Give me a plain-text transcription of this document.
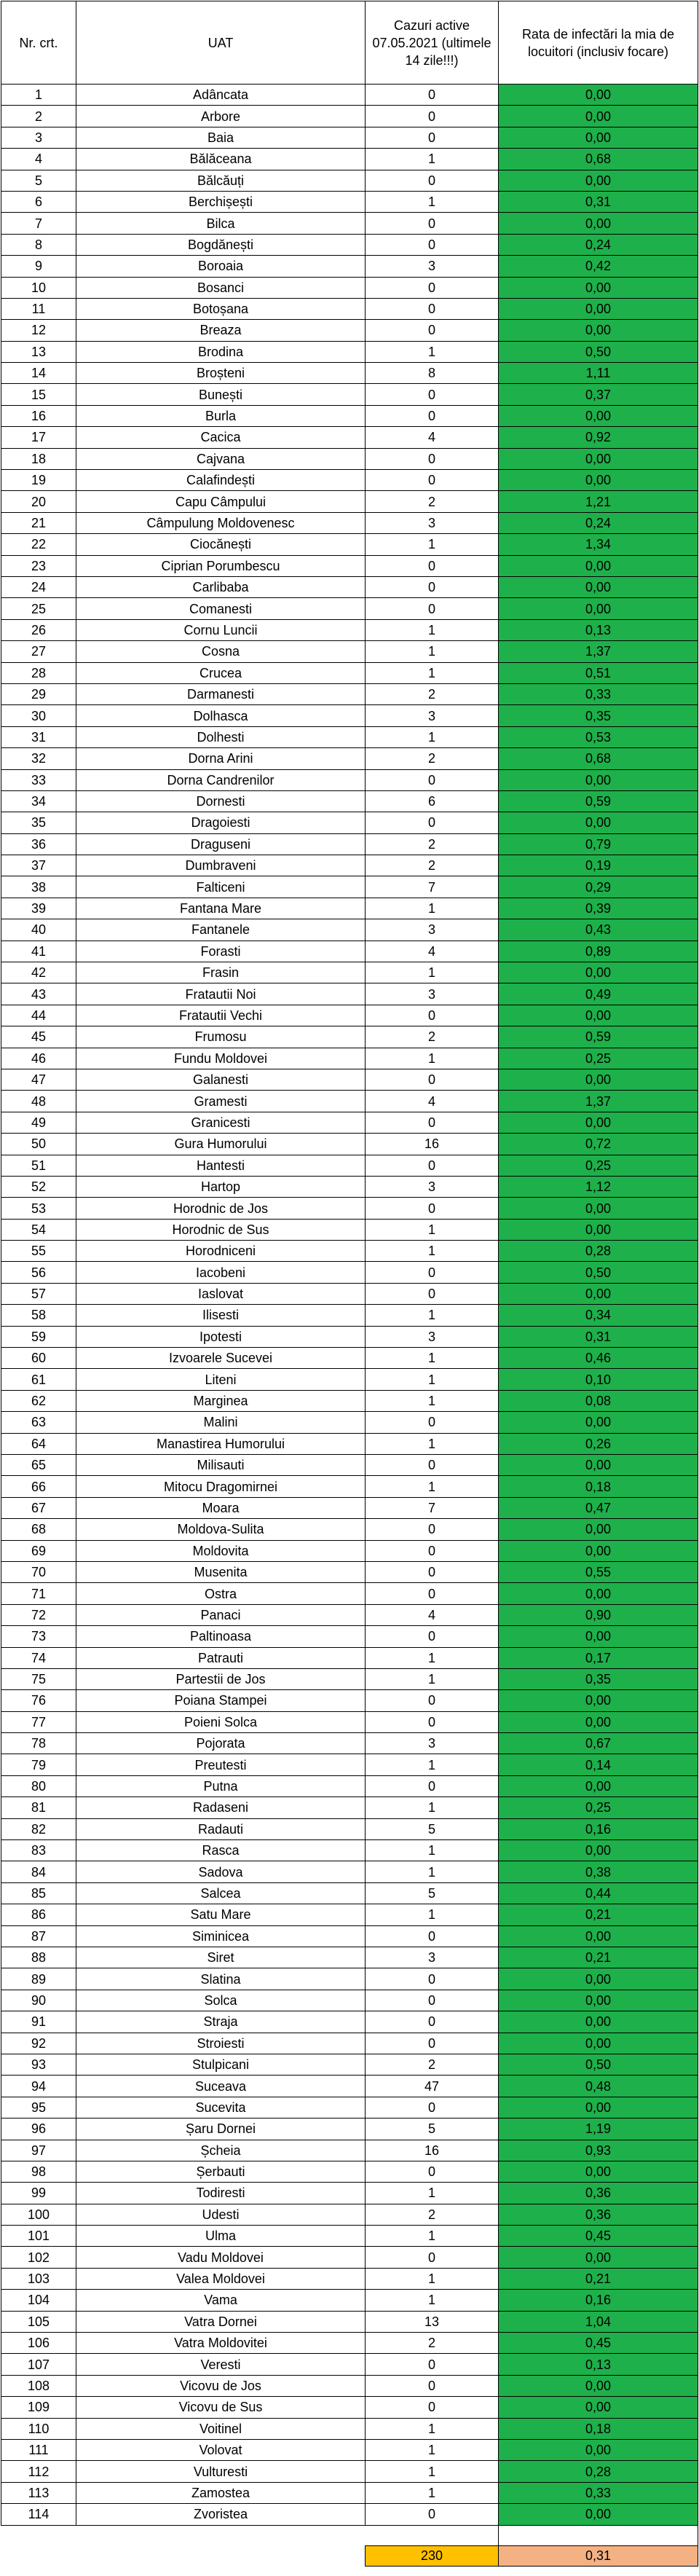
Nr. crt.	UAT	Cazuri active 07.05.2021 (ultimele 14 zile!!!)	Rata de infectări la mia de locuitori (inclusiv focare)
1	Adâncata	0	0,00
2	Arbore	0	0,00
3	Baia	0	0,00
4	Bălăceana	1	0,68
5	Bălcăuți	0	0,00
6	Berchișești	1	0,31
7	Bilca	0	0,00
8	Bogdănești	0	0,24
9	Boroaia	3	0,42
10	Bosanci	0	0,00
11	Botoșana	0	0,00
12	Breaza	0	0,00
13	Brodina	1	0,50
14	Broșteni	8	1,11
15	Bunești	0	0,37
16	Burla	0	0,00
17	Cacica	4	0,92
18	Cajvana	0	0,00
19	Calafindești	0	0,00
20	Capu Câmpului	2	1,21
21	Câmpulung Moldovenesc	3	0,24
22	Ciocănești	1	1,34
23	Ciprian Porumbescu	0	0,00
24	Carlibaba	0	0,00
25	Comanesti	0	0,00
26	Cornu Luncii	1	0,13
27	Cosna	1	1,37
28	Crucea	1	0,51
29	Darmanesti	2	0,33
30	Dolhasca	3	0,35
31	Dolhesti	1	0,53
32	Dorna Arini	2	0,68
33	Dorna Candrenilor	0	0,00
34	Dornesti	6	0,59
35	Dragoiesti	0	0,00
36	Draguseni	2	0,79
37	Dumbraveni	2	0,19
38	Falticeni	7	0,29
39	Fantana Mare	1	0,39
40	Fantanele	3	0,43
41	Forasti	4	0,89
42	Frasin	1	0,00
43	Fratautii Noi	3	0,49
44	Fratautii Vechi	0	0,00
45	Frumosu	2	0,59
46	Fundu Moldovei	1	0,25
47	Galanesti	0	0,00
48	Gramesti	4	1,37
49	Granicesti	0	0,00
50	Gura Humorului	16	0,72
51	Hantesti	0	0,25
52	Hartop	3	1,12
53	Horodnic de Jos	0	0,00
54	Horodnic de Sus	1	0,00
55	Horodniceni	1	0,28
56	Iacobeni	0	0,50
57	Iaslovat	0	0,00
58	Ilisesti	1	0,34
59	Ipotesti	3	0,31
60	Izvoarele Sucevei	1	0,46
61	Liteni	1	0,10
62	Marginea	1	0,08
63	Malini	0	0,00
64	Manastirea Humorului	1	0,26
65	Milisauti	0	0,00
66	Mitocu Dragomirnei	1	0,18
67	Moara	7	0,47
68	Moldova-Sulita	0	0,00
69	Moldovita	0	0,00
70	Musenita	0	0,55
71	Ostra	0	0,00
72	Panaci	4	0,90
73	Paltinoasa	0	0,00
74	Patrauti	1	0,17
75	Partestii de Jos	1	0,35
76	Poiana Stampei	0	0,00
77	Poieni Solca	0	0,00
78	Pojorata	3	0,67
79	Preutesti	1	0,14
80	Putna	0	0,00
81	Radaseni	1	0,25
82	Radauti	5	0,16
83	Rasca	1	0,00
84	Sadova	1	0,38
85	Salcea	5	0,44
86	Satu Mare	1	0,21
87	Siminicea	0	0,00
88	Siret	3	0,21
89	Slatina	0	0,00
90	Solca	0	0,00
91	Straja	0	0,00
92	Stroiesti	0	0,00
93	Stulpicani	2	0,50
94	Suceava	47	0,48
95	Sucevita	0	0,00
96	Șaru Dornei	5	1,19
97	Șcheia	16	0,93
98	Șerbauti	0	0,00
99	Todiresti	1	0,36
100	Udesti	2	0,36
101	Ulma	1	0,45
102	Vadu Moldovei	0	0,00
103	Valea Moldovei	1	0,21
104	Vama	1	0,16
105	Vatra Dornei	13	1,04
106	Vatra Moldovitei	2	0,45
107	Veresti	0	0,13
108	Vicovu de Jos	0	0,00
109	Vicovu de Sus	0	0,00
110	Voitinel	1	0,18
111	Volovat	1	0,00
112	Vulturesti	1	0,28
113	Zamostea	1	0,33
114	Zvoristea	0	0,00

		230	0,31
